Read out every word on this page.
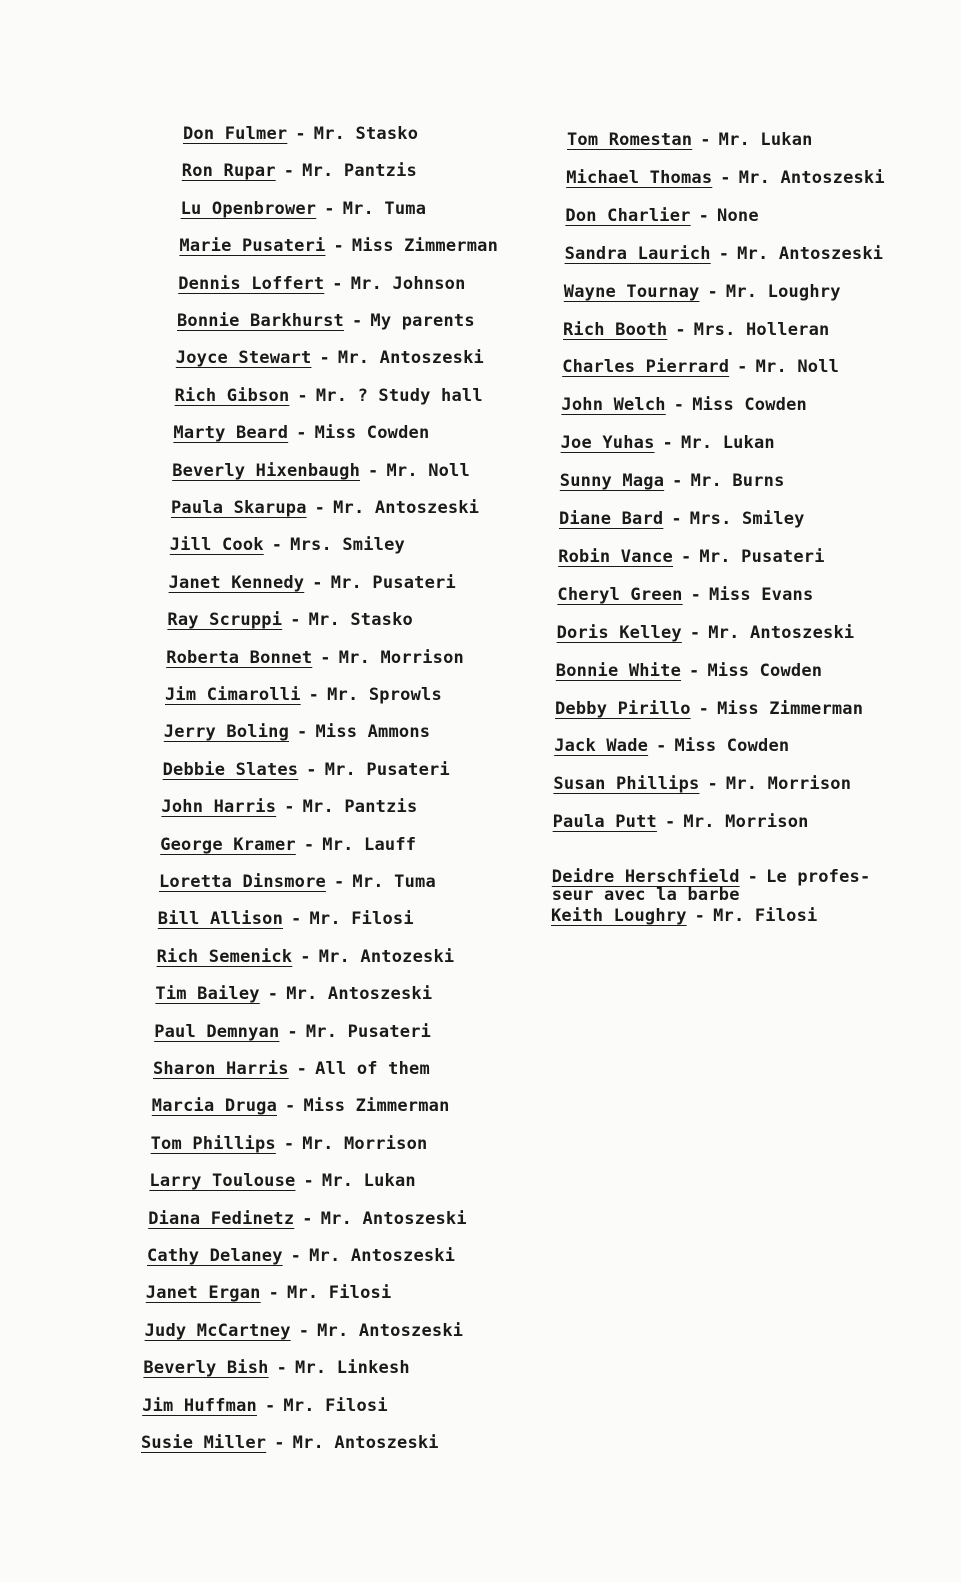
Don Fulmer - Mr. Stasko
Ron Rupar - Mr. Pantzis
Lu Openbrower - Mr. Tuma
Marie Pusateri - Miss Zimmerman
Dennis Loffert - Mr. Johnson
Bonnie Barkhurst - My parents
Joyce Stewart - Mr. Antoszeski
Rich Gibson - Mr. ? Study hall
Marty Beard - Miss Cowden
Beverly Hixenbaugh - Mr. Noll
Paula Skarupa - Mr. Antoszeski
Jill Cook - Mrs. Smiley
Janet Kennedy - Mr. Pusateri
Ray Scruppi - Mr. Stasko
Roberta Bonnet - Mr. Morrison
Jim Cimarolli - Mr. Sprowls
Jerry Boling - Miss Ammons
Debbie Slates - Mr. Pusateri
John Harris - Mr. Pantzis
George Kramer - Mr. Lauff
Loretta Dinsmore - Mr. Tuma
Bill Allison - Mr. Filosi
Rich Semenick - Mr. Antozeski
Tim Bailey - Mr. Antoszeski
Paul Demnyan - Mr. Pusateri
Sharon Harris - All of them
Marcia Druga - Miss Zimmerman
Tom Phillips - Mr. Morrison
Larry Toulouse - Mr. Lukan
Diana Fedinetz - Mr. Antoszeski
Cathy Delaney - Mr. Antoszeski
Janet Ergan - Mr. Filosi
Judy McCartney - Mr. Antoszeski
Beverly Bish - Mr. Linkesh
Jim Huffman - Mr. Filosi
Susie Miller - Mr. Antoszeski
Tom Romestan - Mr. Lukan
Michael Thomas - Mr. Antoszeski
Don Charlier - None
Sandra Laurich - Mr. Antoszeski
Wayne Tournay - Mr. Loughry
Rich Booth - Mrs. Holleran
Charles Pierrard - Mr. Noll
John Welch - Miss Cowden
Joe Yuhas - Mr. Lukan
Sunny Maga - Mr. Burns
Diane Bard - Mrs. Smiley
Robin Vance - Mr. Pusateri
Cheryl Green - Miss Evans
Doris Kelley - Mr. Antoszeski
Bonnie White - Miss Cowden
Debby Pirillo - Miss Zimmerman
Jack Wade - Miss Cowden
Susan Phillips - Mr. Morrison
Paula Putt - Mr. Morrison
Deidre Herschfield - Le profes-
seur avec la barbe
Keith Loughry - Mr. Filosi
